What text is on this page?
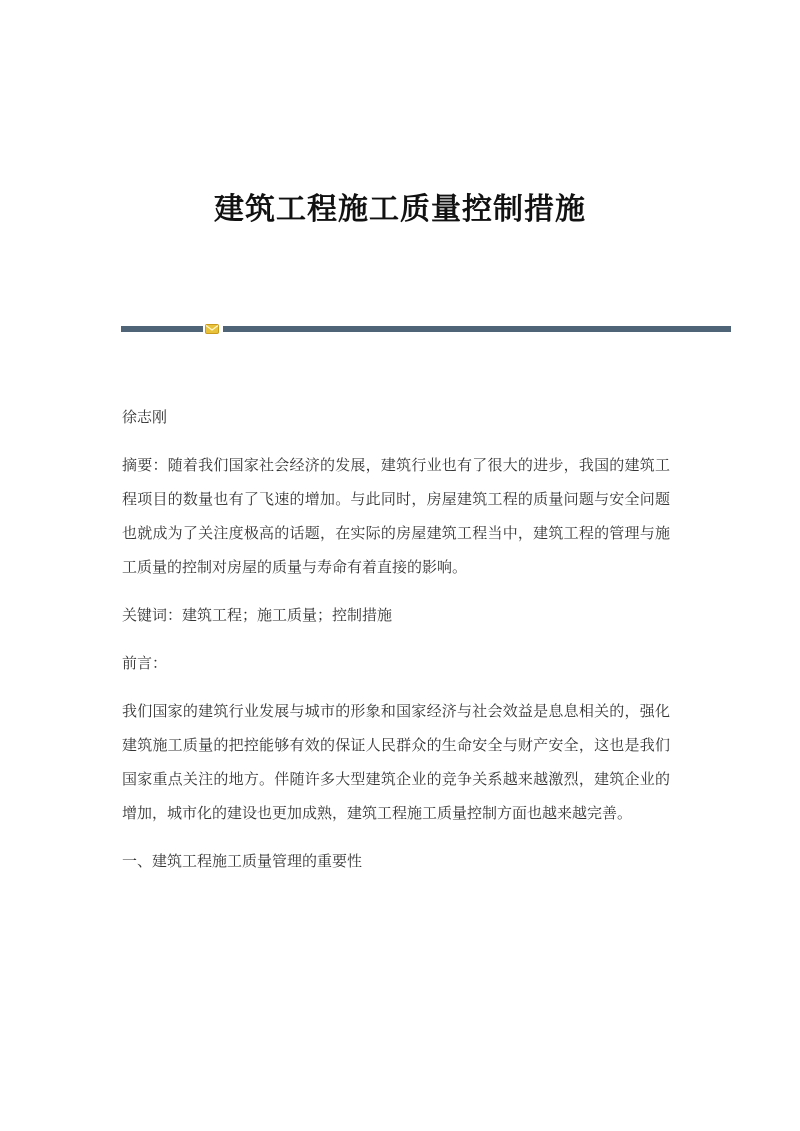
建筑工程施工质量控制措施

徐志刚

摘要：随着我们国家社会经济的发展，建筑行业也有了很大的进步，我国的建筑工程项目的数量也有了飞速的增加。与此同时，房屋建筑工程的质量问题与安全问题也就成为了关注度极高的话题，在实际的房屋建筑工程当中，建筑工程的管理与施工质量的控制对房屋的质量与寿命有着直接的影响。

关键词：建筑工程；施工质量；控制措施

前言：

我们国家的建筑行业发展与城市的形象和国家经济与社会效益是息息相关的，强化建筑施工质量的把控能够有效的保证人民群众的生命安全与财产安全，这也是我们国家重点关注的地方。伴随许多大型建筑企业的竞争关系越来越激烈，建筑企业的增加，城市化的建设也更加成熟，建筑工程施工质量控制方面也越来越完善。

一、建筑工程施工质量管理的重要性
